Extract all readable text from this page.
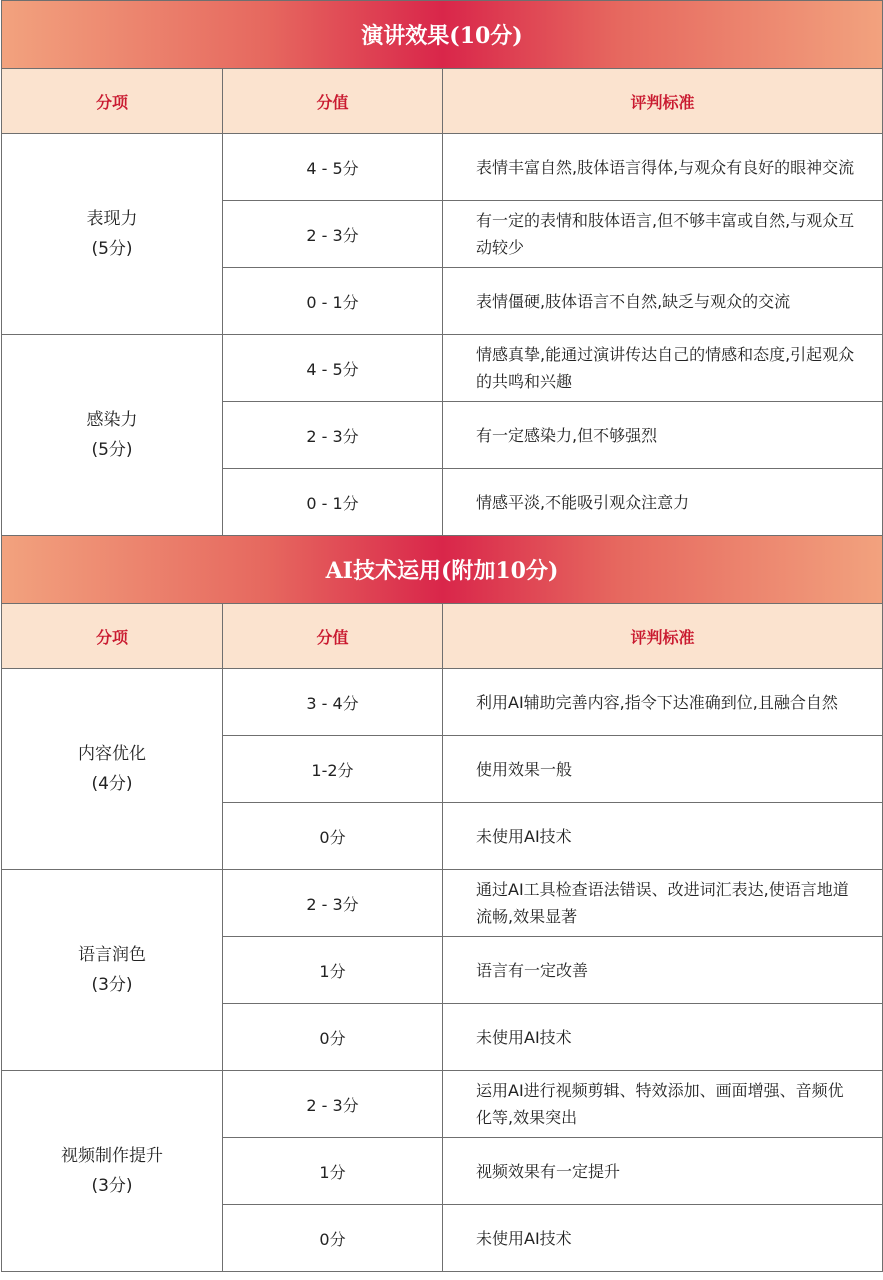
演讲效果(10分)		
分项	分值	评判标准

表现力
(5分)	4 - 5分	表情丰富自然,肢体语言得体,与观众有良好的眼神交流
	2 - 3分	有一定的表情和肢体语言,但不够丰富或自然,与观众互动较少
	0 - 1分	表情僵硬,肢体语言不自然,缺乏与观众的交流

感染力
(5分)	4 - 5分	情感真挚,能通过演讲传达自己的情感和态度,引起观众的共鸣和兴趣
	2 - 3分	有一定感染力,但不够强烈
	0 - 1分	情感平淡,不能吸引观众注意力
AI技术运用(附加10分)		
分项	分值	评判标准

内容优化
(4分)	3 - 4分	利用AI辅助完善内容,指令下达准确到位,且融合自然
	1-2分	使用效果一般
	0分	未使用AI技术

语言润色
(3分)	2 - 3分	通过AI工具检查语法错误、改进词汇表达,使语言地道流畅,效果显著
	1分	语言有一定改善
	0分	未使用AI技术

视频制作提升
(3分)	2 - 3分	运用AI进行视频剪辑、特效添加、画面增强、音频优化等,效果突出
	1分	视频效果有一定提升
	0分	未使用AI技术
